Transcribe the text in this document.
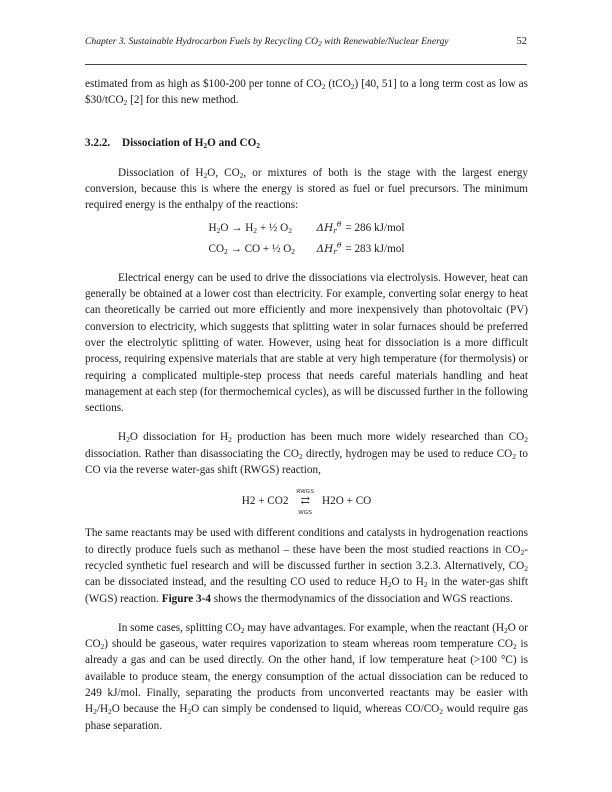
Chapter 3. Sustainable Hydrocarbon Fuels by Recycling $CO_2$ with Renewable/Nuclear Energy	52

estimated from as high as $100-200 per tonne of $CO_2$ (tCO$_2$) [40, 51] to a long term cost as low as $30/tCO$_2$ [2] for this new method.

3.2.2. Dissociation of $H_2O$ and $CO_2$

Dissociation of $H_2O$, $CO_2$, or mixtures of both is the stage with the largest energy conversion, because this is where the energy is stored as fuel or fuel precursors. The minimum required energy is the enthalpy of the reactions:

$H_2O \to H_2$ + ½ $O_2$	$\Delta H_r^\theta = 286$ kJ/mol
$CO_2$ → CO + ½ $O_2$	$\Delta H_r^\theta = 283$ kJ/mol

Electrical energy can be used to drive the dissociations via electrolysis. However, heat can generally be obtained at a lower cost than electricity. For example, converting solar energy to heat can theoretically be carried out more efficiently and more inexpensively than photovoltaic (PV) conversion to electricity, which suggests that splitting water in solar furnaces should be preferred over the electrolytic splitting of water. However, using heat for dissociation is a more difficult process, requiring expensive materials that are stable at very high temperature (for thermolysis) or requiring a complicated multiple-step process that needs careful materials handling and heat management at each step (for thermochemical cycles), as will be discussed further in the following sections.

$H_2O$ dissociation for $H_2$ production has been much more widely researched than $CO_2$ dissociation. Rather than disassociating the $CO_2$ directly, hydrogen may be used to reduce $CO_2$ to CO via the reverse water-gas shift (RWGS) reaction,

H2 + CO2
RWGS
⇄
WGS
H2O + CO

The same reactants may be used with different conditions and catalysts in hydrogenation reactions to directly produce fuels such as methanol – these have been the most studied reactions in $CO_2$-recycled synthetic fuel research and will be discussed further in section 3.2.3. Alternatively, $CO_2$ can be dissociated instead, and the resulting CO used to reduce $H_2O$ to $H_2$ in the water-gas shift (WGS) reaction. Figure 3-4 shows the thermodynamics of the dissociation and WGS reactions.

In some cases, splitting $CO_2$ may have advantages. For example, when the reactant ($H_2O$ or $CO_2$) should be gaseous, water requires vaporization to steam whereas room temperature $CO_2$ is already a gas and can be used directly. On the other hand, if low temperature heat (>100 °C) is available to produce steam, the energy consumption of the actual dissociation can be reduced to 249 kJ/mol. Finally, separating the products from unconverted reactants may be easier with $H_2/H_2O$ because the $H_2O$ can simply be condensed to liquid, whereas $CO/CO_2$ would require gas phase separation.
